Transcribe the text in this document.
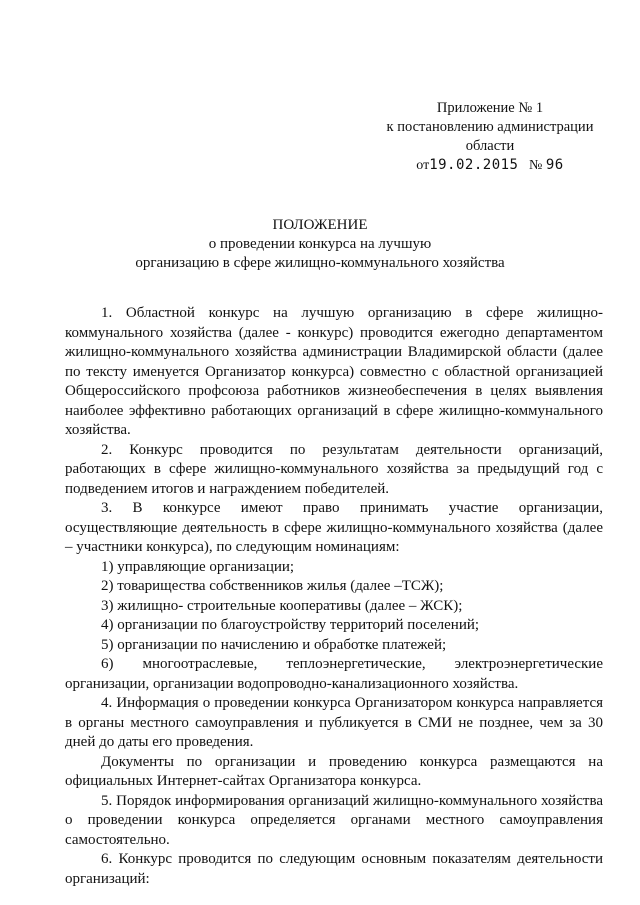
Приложение № 1
к постановлению администрации
области
от19.02.2015 № 96
ПОЛОЖЕНИЕ
о проведении конкурса на лучшую
организацию в сфере жилищно-коммунального хозяйства

1. Областной конкурс на лучшую организацию в сфере жилищно-коммунального хозяйства (далее - конкурс) проводится ежегодно департаментом жилищно-коммунального хозяйства администрации Владимирской области (далее по тексту именуется Организатор конкурса) совместно с областной организацией Общероссийского профсоюза работников жизнеобеспечения в целях выявления наиболее эффективно работающих организаций в сфере жилищно-коммунального хозяйства.

2. Конкурс проводится по результатам деятельности организаций, работающих в сфере жилищно-коммунального хозяйства за предыдущий год с подведением итогов и награждением победителей.

3. В конкурсе имеют право принимать участие организации, осуществляющие деятельность в сфере жилищно-коммунального хозяйства (далее – участники конкурса), по следующим номинациям:

1) управляющие организации;

2) товарищества собственников жилья (далее –ТСЖ);

3) жилищно- строительные кооперативы (далее – ЖСК);

4) организации по благоустройству территорий поселений;

5) организации по начислению и обработке платежей;

6) многоотраслевые, теплоэнергетические, электроэнергетические организации, организации водопроводно-канализационного хозяйства.

4. Информация о проведении конкурса Организатором конкурса направляется в органы местного самоуправления и публикуется в СМИ не позднее, чем за 30 дней до даты его проведения.

Документы по организации и проведению конкурса размещаются на официальных Интернет-сайтах Организатора конкурса.

5. Порядок информирования организаций жилищно-коммунального хозяйства о проведении конкурса определяется органами местного самоуправления самостоятельно.

6. Конкурс проводится по следующим основным показателям деятельности организаций:
